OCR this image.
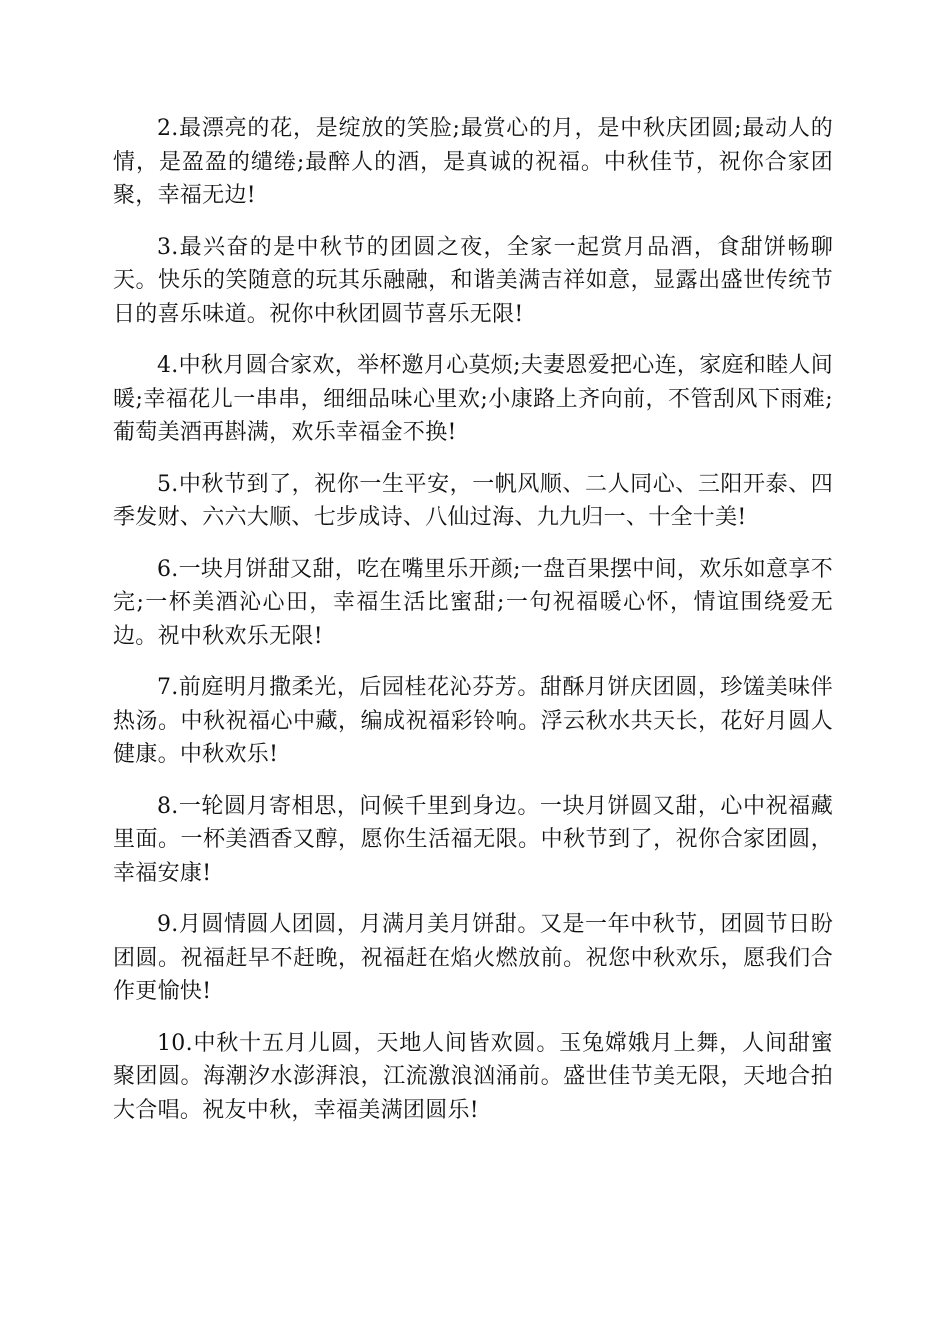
2.最漂亮的花，是绽放的笑脸;最赏心的月，是中秋庆团圆;最动人的情，是盈盈的缱绻;最醉人的酒，是真诚的祝福。中秋佳节，祝你合家团聚，幸福无边!

3.最兴奋的是中秋节的团圆之夜，全家一起赏月品酒，食甜饼畅聊天。快乐的笑随意的玩其乐融融，和谐美满吉祥如意，显露出盛世传统节日的喜乐味道。祝你中秋团圆节喜乐无限!

4.中秋月圆合家欢，举杯邀月心莫烦;夫妻恩爱把心连，家庭和睦人间暖;幸福花儿一串串，细细品味心里欢;小康路上齐向前，不管刮风下雨难;葡萄美酒再斟满，欢乐幸福金不换!

5.中秋节到了，祝你一生平安，一帆风顺、二人同心、三阳开泰、四季发财、六六大顺、七步成诗、八仙过海、九九归一、十全十美!

6.一块月饼甜又甜，吃在嘴里乐开颜;一盘百果摆中间，欢乐如意享不完;一杯美酒沁心田，幸福生活比蜜甜;一句祝福暖心怀，情谊围绕爱无边。祝中秋欢乐无限!

7.前庭明月撒柔光，后园桂花沁芬芳。甜酥月饼庆团圆，珍馐美味伴热汤。中秋祝福心中藏，编成祝福彩铃响。浮云秋水共天长，花好月圆人健康。中秋欢乐!

8.一轮圆月寄相思，问候千里到身边。一块月饼圆又甜，心中祝福藏里面。一杯美酒香又醇，愿你生活福无限。中秋节到了，祝你合家团圆，幸福安康!

9.月圆情圆人团圆，月满月美月饼甜。又是一年中秋节，团圆节日盼团圆。祝福赶早不赶晚，祝福赶在焰火燃放前。祝您中秋欢乐，愿我们合作更愉快!

10.中秋十五月儿圆，天地人间皆欢圆。玉兔嫦娥月上舞，人间甜蜜聚团圆。海潮汐水澎湃浪，江流激浪汹涌前。盛世佳节美无限，天地合拍大合唱。祝友中秋，幸福美满团圆乐!
